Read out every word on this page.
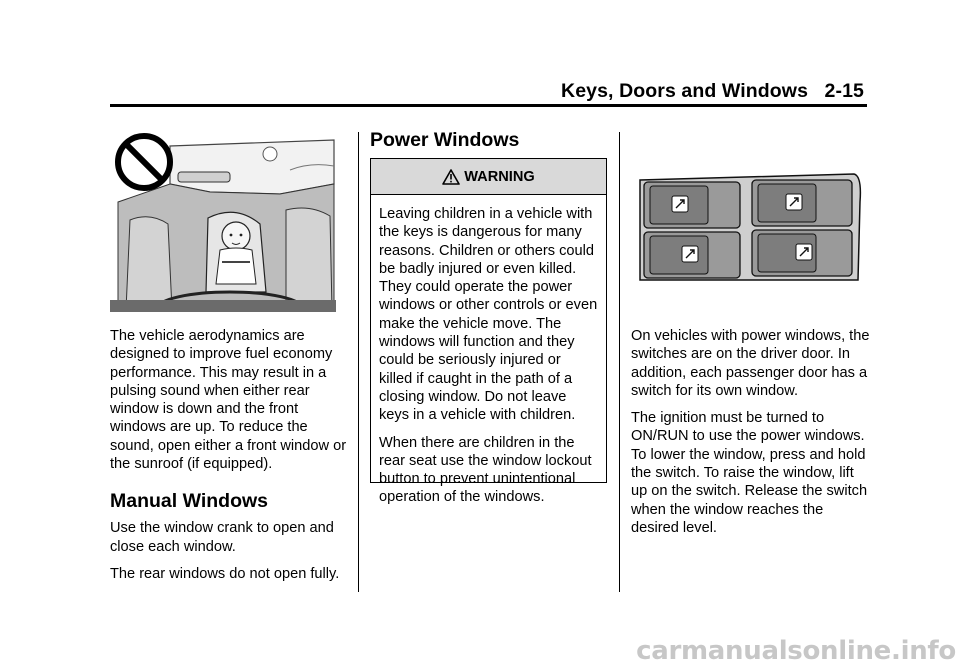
Keys, Doors and Windows   2-15

The vehicle aerodynamics are designed to improve fuel economy performance. This may result in a pulsing sound when either rear window is down and the front windows are up. To reduce the sound, open either a front window or the sunroof (if equipped).

Manual Windows

Use the window crank to open and close each window.

The rear windows do not open fully.

Power Windows
WARNING

Leaving children in a vehicle with the keys is dangerous for many reasons. Children or others could be badly injured or even killed. They could operate the power windows or other controls or even make the vehicle move. The windows will function and they could be seriously injured or killed if caught in the path of a closing window. Do not leave keys in a vehicle with children.

When there are children in the rear seat use the window lockout button to prevent unintentional operation of the windows.

On vehicles with power windows, the switches are on the driver door. In addition, each passenger door has a switch for its own window.

The ignition must be turned to ON/RUN to use the power windows. To lower the window, press and hold the switch. To raise the window, lift up on the switch. Release the switch when the window reaches the desired level.

carmanualsonline.info
